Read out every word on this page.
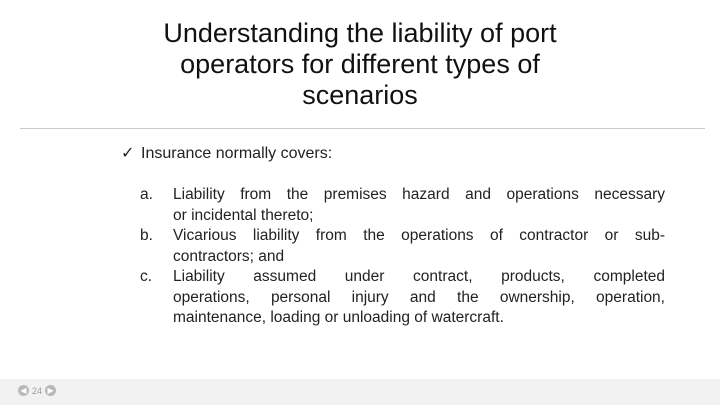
Understanding the liability of port
operators for different types of
scenarios
✓ Insurance normally covers:
a.	Liability from the premises hazard and operations necessary
or incidental thereto;
b.	Vicarious liability from the operations of contractor or sub-
contractors; and
c.	Liability assumed under contract, products, completed
operations, personal injury and the ownership, operation,
maintenance, loading or unloading of watercraft.
◀ 24 ▶
